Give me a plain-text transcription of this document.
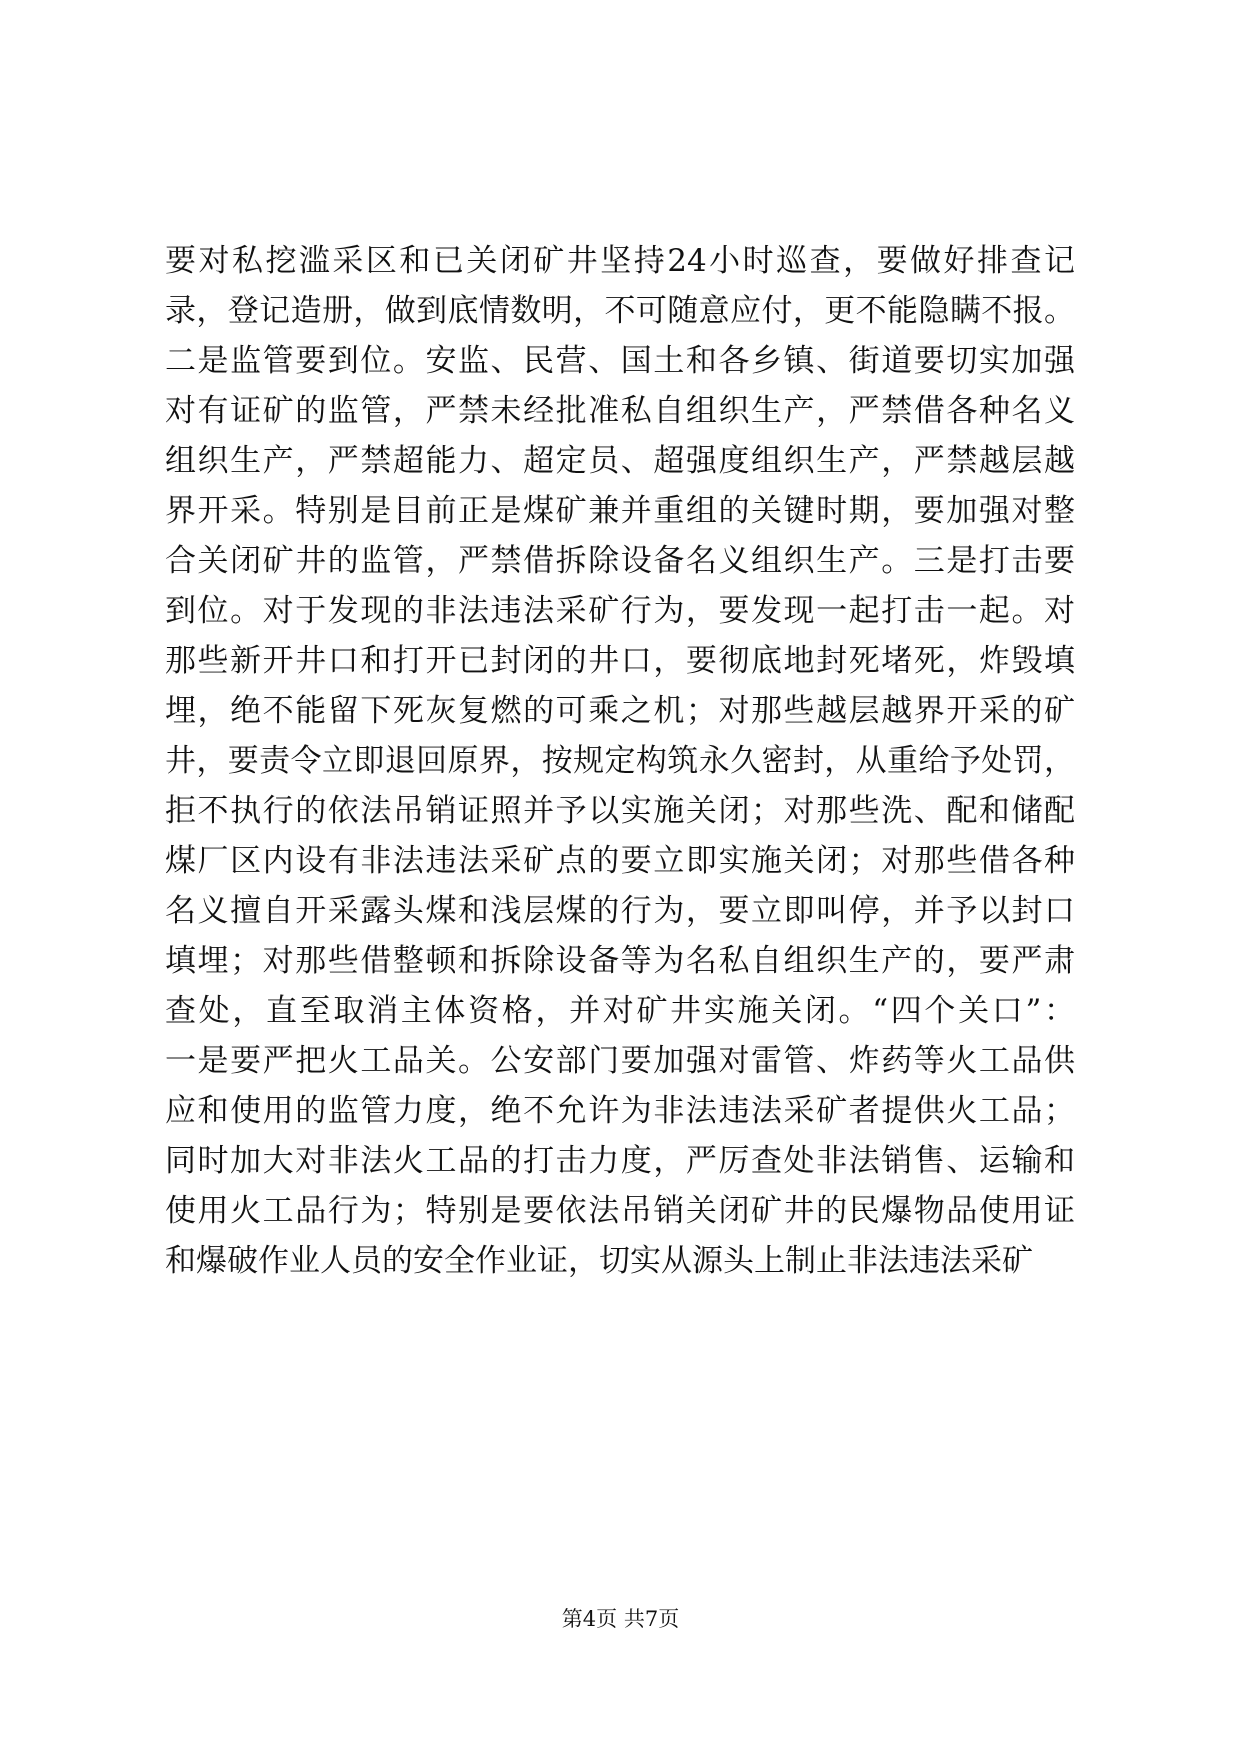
要对私挖滥采区和已关闭矿井坚持24小时巡查，要做好排查记
录，登记造册，做到底情数明，不可随意应付，更不能隐瞒不报。
二是监管要到位。安监、民营、国土和各乡镇、街道要切实加强
对有证矿的监管，严禁未经批准私自组织生产，严禁借各种名义
组织生产，严禁超能力、超定员、超强度组织生产，严禁越层越
界开采。特别是目前正是煤矿兼并重组的关键时期，要加强对整
合关闭矿井的监管，严禁借拆除设备名义组织生产。三是打击要
到位。对于发现的非法违法采矿行为，要发现一起打击一起。对
那些新开井口和打开已封闭的井口，要彻底地封死堵死，炸毁填
埋，绝不能留下死灰复燃的可乘之机；对那些越层越界开采的矿
井，要责令立即退回原界，按规定构筑永久密封，从重给予处罚，
拒不执行的依法吊销证照并予以实施关闭；对那些洗、配和储配
煤厂区内设有非法违法采矿点的要立即实施关闭；对那些借各种
名义擅自开采露头煤和浅层煤的行为，要立即叫停，并予以封口
填埋；对那些借整顿和拆除设备等为名私自组织生产的，要严肃
查处，直至取消主体资格，并对矿井实施关闭。“四个关口”：
一是要严把火工品关。公安部门要加强对雷管、炸药等火工品供
应和使用的监管力度，绝不允许为非法违法采矿者提供火工品；
同时加大对非法火工品的打击力度，严厉查处非法销售、运输和
使用火工品行为；特别是要依法吊销关闭矿井的民爆物品使用证
和爆破作业人员的安全作业证，切实从源头上制止非法违法采矿
第4页 共7页
